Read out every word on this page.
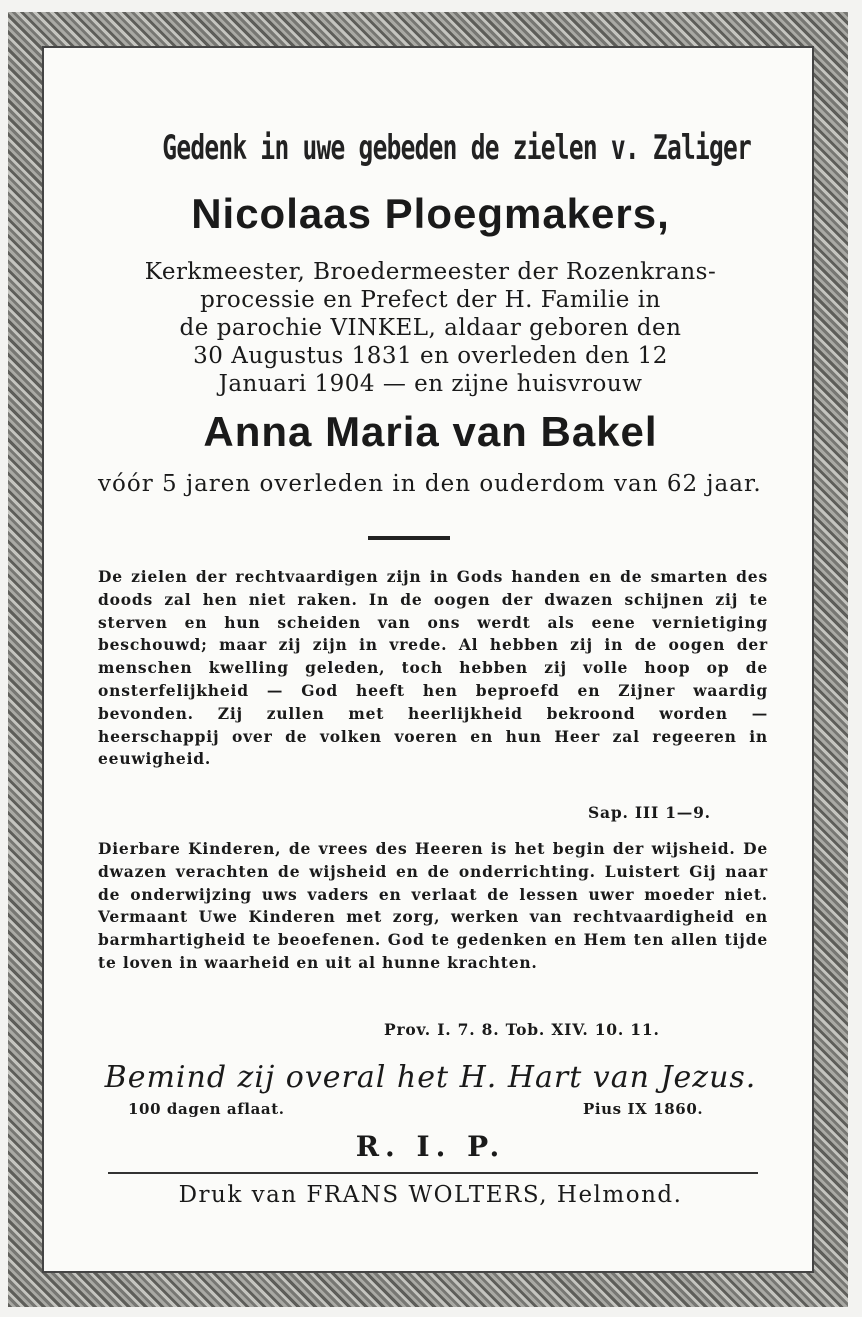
Gedenk in uwe gebeden de zielen v. Zaliger
Nicolaas Ploegmakers,
Kerkmeester, Broedermeester der Rozenkrans-
processie en Prefect der H. Familie in
de parochie VINKEL, aldaar geboren den
30 Augustus 1831 en overleden den 12
Januari 1904 — en zijne huisvrouw
Anna Maria van Bakel
vóór 5 jaren overleden in den ouderdom van 62 jaar.
De zielen der rechtvaardigen zijn in Gods handen en de smarten des doods zal hen niet raken. In de oogen der dwazen schijnen zij te sterven en hun scheiden van ons werdt als eene vernietiging beschouwd; maar zij zijn in vrede. Al hebben zij in de oogen der menschen kwelling geleden, toch hebben zij volle hoop op de onsterfelijkheid — God heeft hen beproefd en Zijner waardig bevonden. Zij zullen met heerlijkheid bekroond worden — heerschappij over de volken voeren en hun Heer zal regeeren in eeuwigheid.
Sap. III 1—9.
Dierbare Kinderen, de vrees des Heeren is het begin der wijsheid. De dwazen verachten de wijsheid en de onderrichting. Luistert Gij naar de onderwijzing uws vaders en verlaat de lessen uwer moeder niet. Vermaant Uwe Kinderen met zorg, werken van rechtvaardigheid en barmhartigheid te beoefenen. God te gedenken en Hem ten allen tijde te loven in waarheid en uit al hunne krachten.
Prov. I. 7. 8. Tob. XIV. 10. 11.
Bemind zij overal het H. Hart van Jezus.
100 dagen aflaat.	Pius IX 1860.
R. I. P.
Druk van FRANS WOLTERS, Helmond.
